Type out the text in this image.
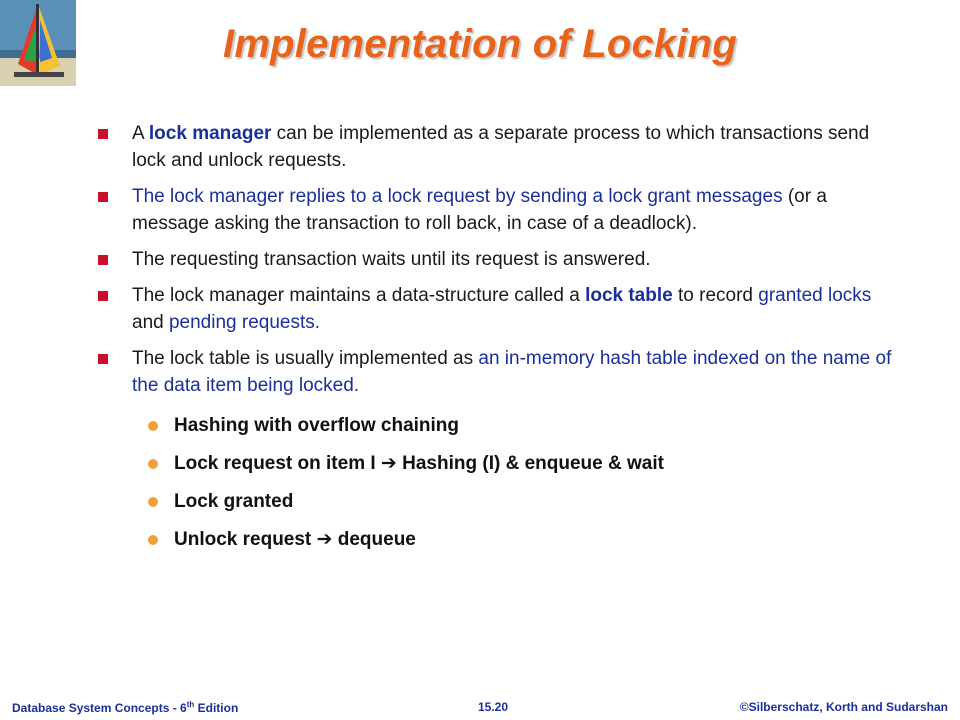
Implementation of Locking
A lock manager can be implemented as a separate process to which transactions send lock and unlock requests.
The lock manager replies to a lock request by sending a lock grant messages (or a message asking the transaction to roll back, in case of a deadlock).
The requesting transaction waits until its request is answered.
The lock manager maintains a data-structure called a lock table to record granted locks and pending requests.
The lock table is usually implemented as an in-memory hash table indexed on the name of the data item being locked.
Hashing with overflow chaining
Lock request on item I ➔ Hashing (I) & enqueue & wait
Lock granted
Unlock request ➔ dequeue
Database System Concepts - 6th Edition	15.20	©Silberschatz, Korth and Sudarshan
